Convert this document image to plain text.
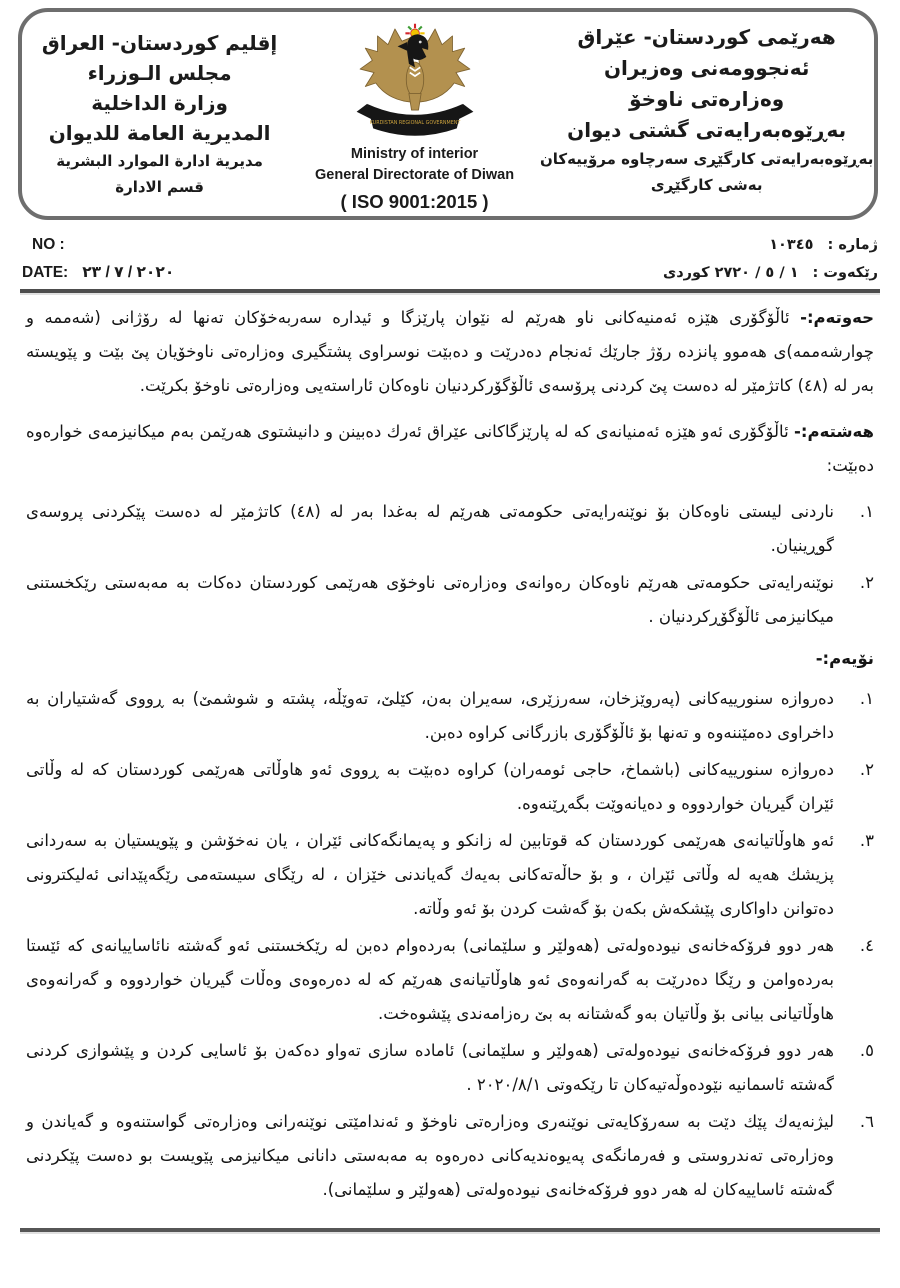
إقليم كوردستان- العراق
مجلس الـوزراء
وزارة الداخلية
المديرية العامة للديوان
مديرية ادارة الموارد البشرية
قسم الادارة
KURDISTAN REGIONAL GOVERNMENT
Ministry of interior
General Directorate of Diwan
( ISO 9001:2015 )
هەرێمی کوردستان- عێراق
ئەنجوومەنی وەزیران
وەزارەتی ناوخۆ
بەڕێوەبەرایەتی گشتی دیوان
بەڕێوەبەرایەتی کارگێڕی سەرچاوە مرۆییەکان
بەشی کارگێڕی
NO :
DATE: ٢٠٢٠ / ٧ / ٢٣
ژماره :١٠٣٤٥
رێکەوت :١ / ٥ / ٢٧٢٠ کوردی

حەوتەم:- ئاڵۆگۆری هێزە ئەمنیەکانی ناو هەرێم لە نێوان پارێزگا و ئیدارە سەربەخۆکان تەنها لە رۆژانی (شەممە و چوارشەممە)ی هەموو پانزدە رۆژ جارێك ئەنجام دەدرێت و دەبێت نوسراوی پشتگیری وەزارەتی ناوخۆیان پێ بێت و پێویستە بەر لە (٤٨) کاتژمێر لە دەست پێ کردنی پرۆسەی ئاڵۆگۆرکردنیان ناوەکان ئاراستەیی وەزارەتی ناوخۆ بکرێت.

هەشتەم:- ئاڵۆگۆری ئەو هێزە ئەمنیانەی کە لە پارێزگاکانی عێراق ئەرك دەبینن و دانیشتوی هەرێمن بەم میکانیزمەی خوارەوە دەبێت:

١.
ناردنی لیستی ناوەکان بۆ نوێنەرایەتی حکومەتی هەرێم لە بەغدا بەر لە (٤٨) کاتژمێر لە دەست پێکردنی پروسەی گوڕینیان.
٢.
نوێنەرایەتی حکومەتی هەرێم ناوەکان رەوانەی وەزارەتی ناوخۆی هەرێمی کوردستان دەکات بە مەبەستی رێکخستنی میکانیزمی ئاڵۆگۆڕکردنیان .
نۆیەم:-
١.
دەروازە سنورییەکانی (پەروێزخان، سەرزێری، سەیران بەن، کێلێ، تەوێڵە، پشتە و شوشمێ) بە ڕووی گەشتیاران بە داخراوی دەمێننەوە و تەنها بۆ ئاڵۆگۆری بازرگانی کراوە دەبن.
٢.
دەروازە سنورییەکانی (باشماخ، حاجی ئومەران) کراوە دەبێت بە ڕووی ئەو هاوڵاتی هەرێمی کوردستان کە لە وڵاتی ئێران گیریان خواردووە و دەیانەوێت بگەڕێنەوە.
٣.
ئەو هاوڵاتیانەی هەرێمی کوردستان کە قوتابین لە زانکو و پەیمانگەکانی ئێران ، یان نەخۆشن و پێویستیان بە سەردانی پزیشك هەیە لە وڵاتی ئێران ، و بۆ حاڵەتەکانی بەیەك گەیاندنی خێزان ، لە رێگای سیستەمی رێگەپێدانی ئەلیکترونی دەتوانن داواکاری پێشکەش بکەن بۆ گەشت کردن بۆ ئەو وڵاتە.
٤.
هەر دوو فرۆکەخانەی نیودەولەتی (هەولێر و سلێمانی) بەردەوام دەبن لە رێکخستنی ئەو گەشتە نائاساییانەی کە ئێستا بەردەوامن و رێگا دەدرێت بە گەرانەوەی ئەو هاوڵاتیانەی هەرێم کە لە دەرەوەی وەڵات گیریان خواردووە و گەرانەوەی هاوڵاتیانی بیانی بۆ وڵاتیان بەو گەشتانە بە بێ رەزامەندی پێشوەخت.
٥.
هەر دوو فرۆکەخانەی نیودەولەتی (هەولێر و سلێمانی) ئامادە سازی تەواو دەکەن بۆ ئاسایی کردن و پێشوازی کردنی گەشتە ئاسمانیە نێودەوڵەتیەکان تا رێکەوتی ٢٠٢٠/٨/١ .
٦.
لیژنەیەك پێك دێت بە سەرۆکایەتی نوێنەری وەزارەتی ناوخۆ و ئەندامێتی نوێنەرانی وەزارەتی گواستنەوە و گەیاندن و وەزارەتی تەندروستی و فەرمانگەی پەیوەندیەکانی دەرەوە بە مەبەستی دانانی میکانیزمی پێویست بو دەست پێکردنی گەشتە ئاساییەکان لە هەر دوو فرۆکەخانەی نیودەولەتی (هەولێر و سلێمانی).
